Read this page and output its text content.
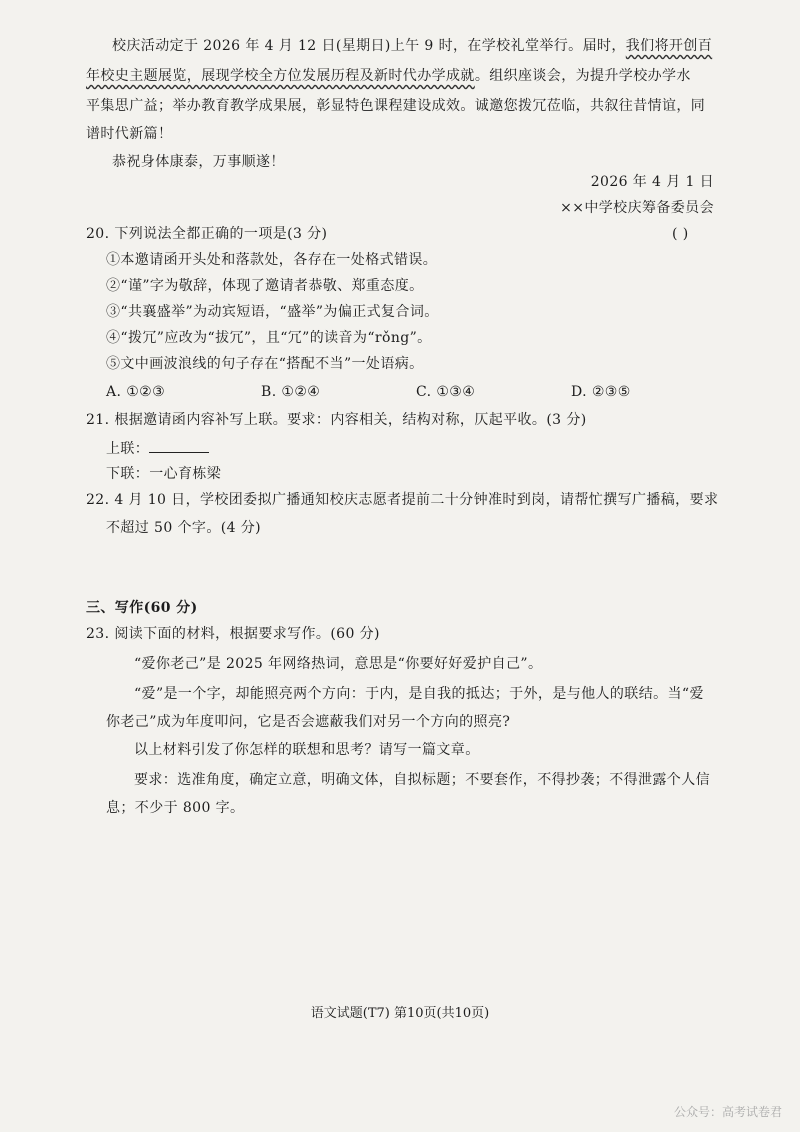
校庆活动定于 2026 年 4 月 12 日(星期日)上午 9 时，在学校礼堂举行。届时，我们将开创百
年校史主题展览，展现学校全方位发展历程及新时代办学成就。组织座谈会，为提升学校办学水
平集思广益；举办教育教学成果展，彰显特色课程建设成效。诚邀您拨冗莅临，共叙往昔情谊，同
谱时代新篇！
恭祝身体康泰，万事顺遂！
2026 年 4 月 1 日
××中学校庆筹备委员会
20. 下列说法全都正确的一项是(3 分)	( )
①本邀请函开头处和落款处，各存在一处格式错误。
②“谨”字为敬辞，体现了邀请者恭敬、郑重态度。
③“共襄盛举”为动宾短语，“盛举”为偏正式复合词。
④“拨冗”应改为“拔冗”，且“冗”的读音为“rǒng”。
⑤文中画波浪线的句子存在“搭配不当”一处语病。
A. ①②③	B. ①②④	C. ①③④	D. ②③⑤
21. 根据邀请函内容补写上联。要求：内容相关，结构对称，仄起平收。(3 分)
上联：
下联：一心育栋梁
22. 4 月 10 日，学校团委拟广播通知校庆志愿者提前二十分钟准时到岗，请帮忙撰写广播稿，要求
不超过 50 个字。(4 分)
三、写作(60 分)
23. 阅读下面的材料，根据要求写作。(60 分)
“爱你老己”是 2025 年网络热词，意思是“你要好好爱护自己”。
“爱”是一个字，却能照亮两个方向：于内，是自我的抵达；于外，是与他人的联结。当“爱
你老己”成为年度叩问，它是否会遮蔽我们对另一个方向的照亮?
以上材料引发了你怎样的联想和思考？请写一篇文章。
要求：选准角度，确定立意，明确文体，自拟标题；不要套作，不得抄袭；不得泄露个人信
息；不少于 800 字。
语文试题(T7) 第10页(共10页)
公众号：高考试卷君
